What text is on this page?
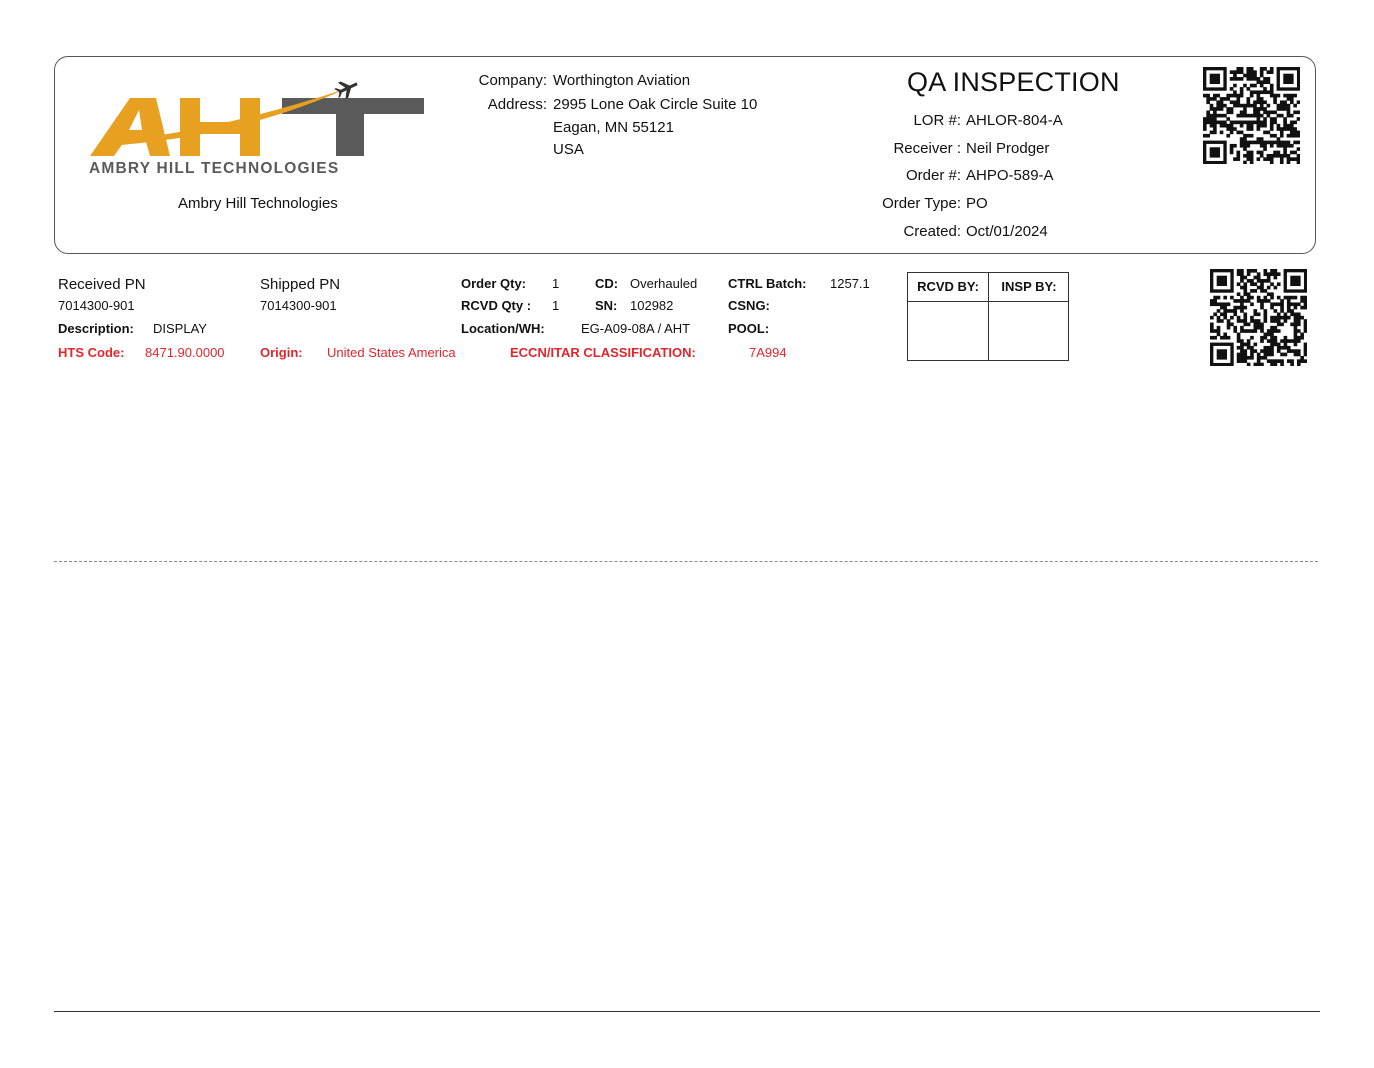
AMBRY HILL TECHNOLOGIES
Ambry Hill Technologies
Company: Worthington Aviation
Address: 2995 Lone Oak Circle Suite 10
Eagan, MN 55121
USA
QA INSPECTION
LOR #: AHLOR-804-A
Receiver : Neil Prodger
Order #: AHPO-589-A
Order Type: PO
Created: Oct/01/2024
Received PN
7014300-901
Description: DISPLAY
Shipped PN
7014300-901
Order Qty: 1
RCVD Qty : 1
Location/WH:	EG-A09-08A / AHT
CD: Overhauled
SN: 102982
CTRL Batch: 1257.1
CSNG:
POOL:
HTS Code: 8471.90.0000	Origin: United States America	ECCN/ITAR CLASSIFICATION:	7A994
RCVD BY:	INSP BY:
